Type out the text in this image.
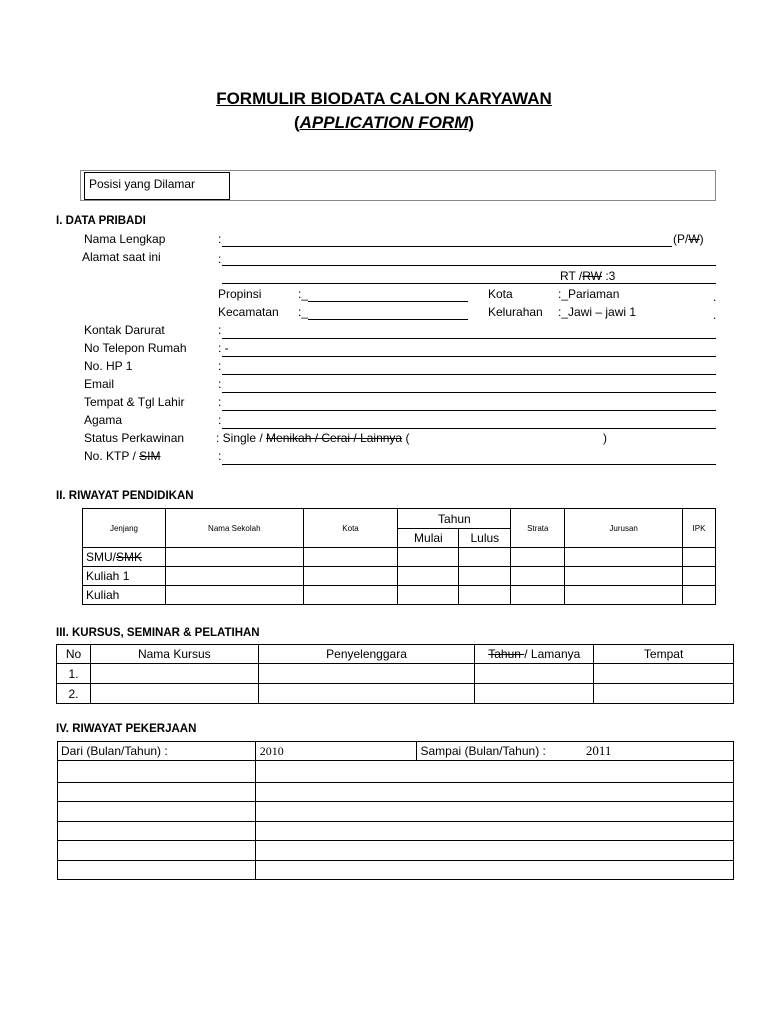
FORMULIR BIODATA CALON KARYAWAN
(APPLICATION FORM)
Posisi yang Dilamar
I. DATA PRIBADI
Nama Lengkap	:	(P/W)
Alamat saat ini	:
RT /RW :3
Propinsi	:_	Kota	:_Pariaman	.
Kecamatan :_	Kelurahan :_Jawi – jawi 1	.
Kontak Darurat	:
No Telepon Rumah	: -
No. HP 1	:
Email	:
Tempat & Tgl Lahir	:
Agama	:
Status Perkawinan	: Single / Menikah / Cerai / Lainnya (	)
No. KTP / SIM	:
II. RIWAYAT PENDIDIKAN
Jenjang	Nama Sekolah	Kota	Tahun		Strata	Jurusan	IPK
			Mulai	Lulus			
SMU/SMK							
Kuliah 1							
Kuliah							
III. KURSUS, SEMINAR & PELATIHAN
No	Nama Kursus	Penyelenggara	Tahun / Lamanya	Tempat
1.				
2.				
IV. RIWAYAT PEKERJAAN
Dari (Bulan/Tahun) :	2010	Sampai (Bulan/Tahun) : 2011
